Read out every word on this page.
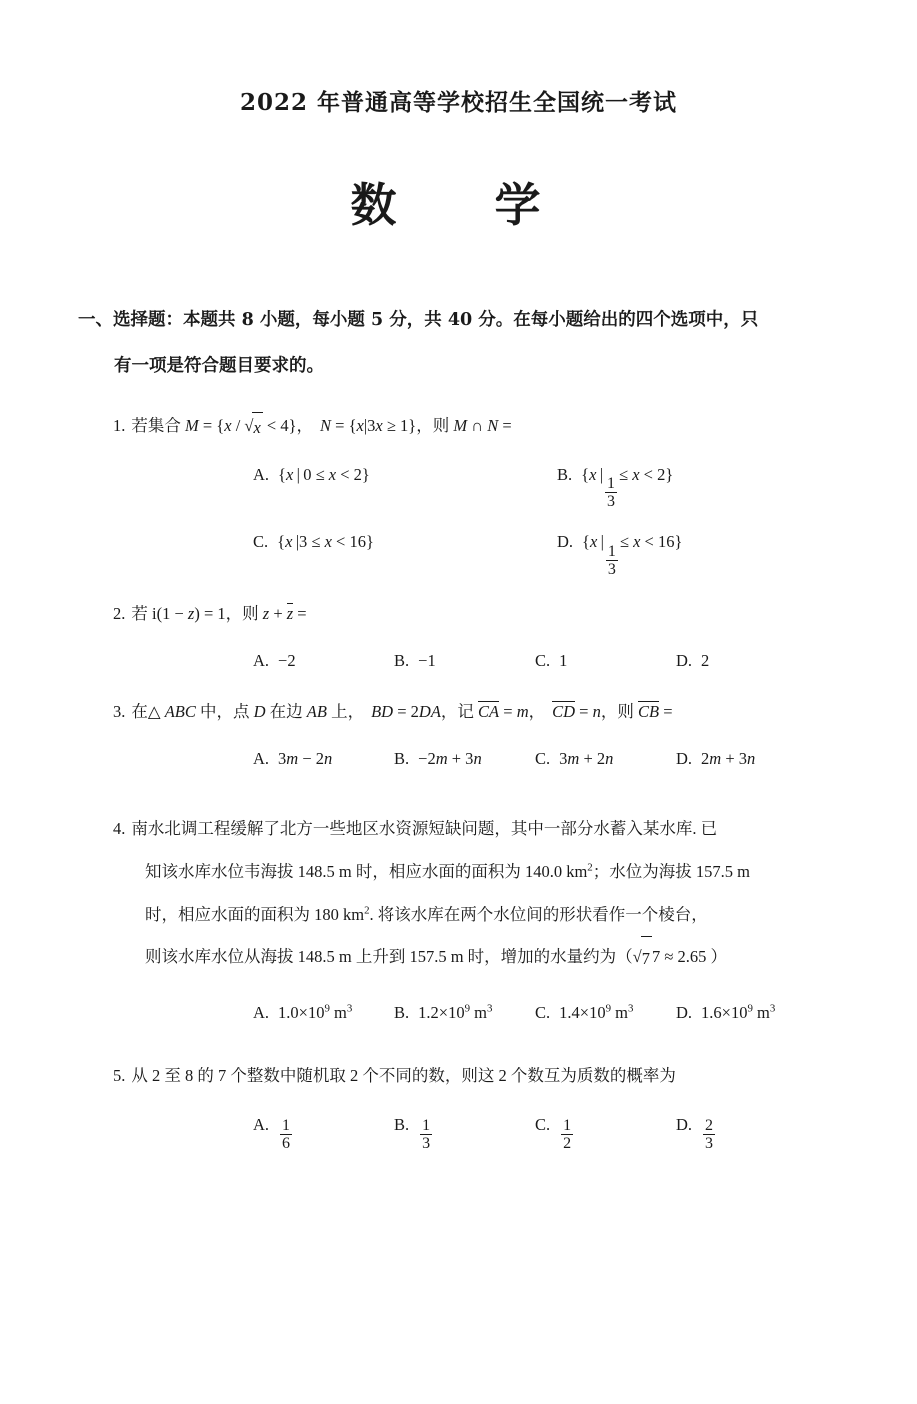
2022 年普通高等学校招生全国统一考试
数　学
一、选择题：本题共 8 小题，每小题 5 分，共 40 分。在每小题给出的四个选项中，只
有一项是符合题目要求的。
1. 若集合 M = {x / √ x < 4}， N = {x|3x ≥ 1}，则 M ∩ N =
A. {x | 0 ≤ x < 2}	B. {x |
$\frac{1}{3}$
≤ x < 2}
C. {x |3 ≤ x < 16}	D. {x |
$\frac{1}{3}$
≤ x < 16}
2. 若 i(1 − z) = 1，则 z + z =
A. −2	B. −1	C. 1	D. 2
3. 在△ ABC 中，点 D 在边 AB 上， BD = 2DA，记 CA = m， CD = n，则 CB =
A. 3m − 2n	B. −2m + 3n	C. 3m + 2n	D. 2m + 3n
4. 南水北调工程缓解了北方一些地区水资源短缺问题，其中一部分水蓄入某水库. 已
知该水库水位韦海拔 148.5 m 时，相应水面的面积为 140.0 $km^2$；水位为海拔 157.5 m
时，相应水面的面积为 180 $km^2$. 将该水库在两个水位间的形状看作一个棱台，
则该水库水位从海拔 148.5 m 上升到 157.5 m 时，增加的水量约为（ √ 7 7 ≈ 2.65 ）
A. $1.0\times 10^9$ $m^3$	B. $1.2\times 10^9$ $m^3$	C. $1.4\times 10^9$ $m^3$	D. $1.6\times 10^9$ $m^3$
5. 从 2 至 8 的 7 个整数中随机取 2 个不同的数，则这 2 个数互为质数的概率为
A. $\frac{1}{6}$	B. $\frac{1}{3}$	C. $\frac{1}{2}$	D. $\frac{2}{3}$
